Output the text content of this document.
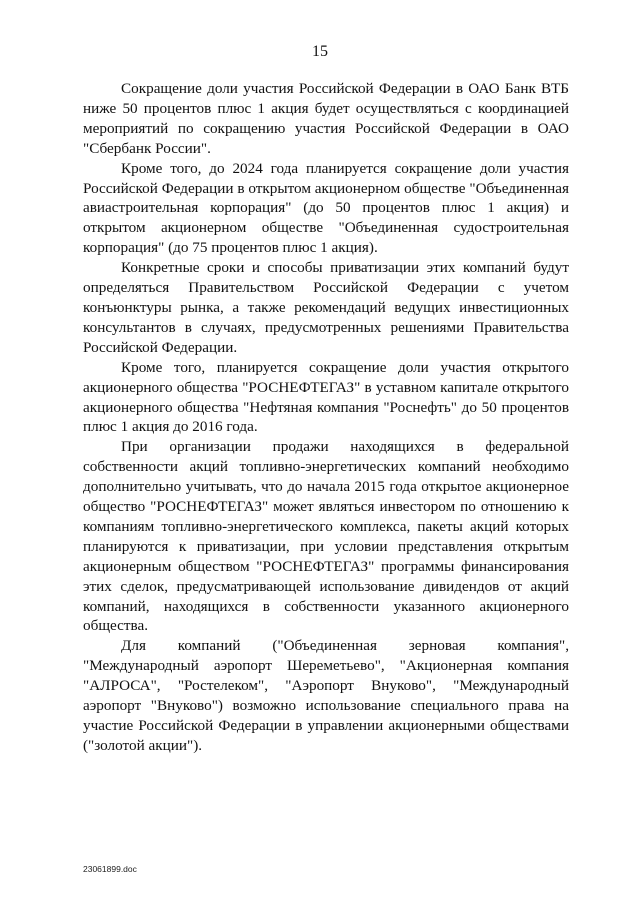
15

Сокращение доли участия Российской Федерации в ОАО Банк ВТБ ниже 50 процентов плюс 1 акция будет осуществляться с координацией мероприятий по сокращению участия Российской Федерации в ОАО "Сбербанк России".

Кроме того, до 2024 года планируется сокращение доли участия Российской Федерации в открытом акционерном обществе "Объединенная авиастроительная корпорация" (до 50 процентов плюс 1 акция) и открытом акционерном обществе "Объединенная судостроительная корпорация" (до 75 процентов плюс 1 акция).

Конкретные сроки и способы приватизации этих компаний будут определяться Правительством Российской Федерации с учетом конъюнктуры рынка, а также рекомендаций ведущих инвестиционных консультантов в случаях, предусмотренных решениями Правительства Российской Федерации.

Кроме того, планируется сокращение доли участия открытого акционерного общества "РОСНЕФТЕГАЗ" в уставном капитале открытого акционерного общества "Нефтяная компания "Роснефть" до 50 процентов плюс 1 акция до 2016 года.

При организации продажи находящихся в федеральной собственности акций топливно-энергетических компаний необходимо дополнительно учитывать, что до начала 2015 года открытое акционерное общество "РОСНЕФТЕГАЗ" может являться инвестором по отношению к компаниям топливно-энергетического комплекса, пакеты акций которых планируются к приватизации, при условии представления открытым акционерным обществом "РОСНЕФТЕГАЗ" программы финансирования этих сделок, предусматривающей использование дивидендов от акций компаний, находящихся в собственности указанного акционерного общества.

Для компаний ("Объединенная зерновая компания", "Международный аэропорт Шереметьево", "Акционерная компания "АЛРОСА", "Ростелеком", "Аэропорт Внуково", "Международный аэропорт "Внуково") возможно использование специального права на участие Российской Федерации в управлении акционерными обществами ("золотой акции").

23061899.doc
